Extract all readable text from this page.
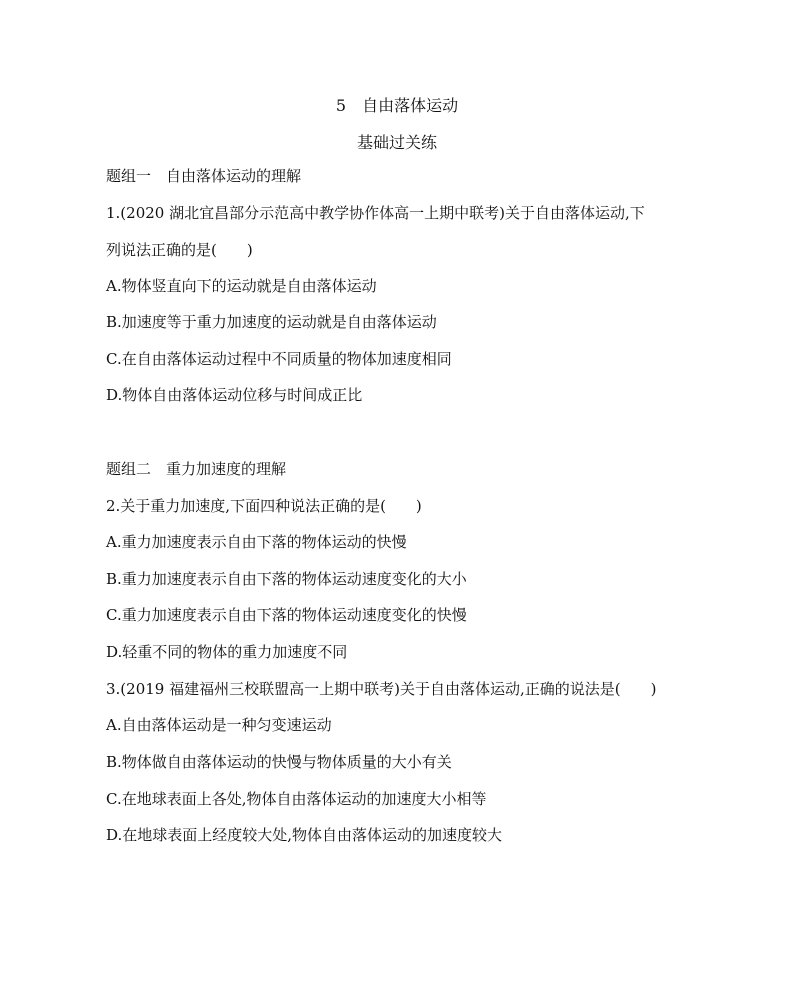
5　自由落体运动
基础过关练
题组一　自由落体运动的理解
1.(2020 湖北宜昌部分示范高中教学协作体高一上期中联考)关于自由落体运动,下
列说法正确的是(　　)
A.物体竖直向下的运动就是自由落体运动
B.加速度等于重力加速度的运动就是自由落体运动
C.在自由落体运动过程中不同质量的物体加速度相同
D.物体自由落体运动位移与时间成正比
题组二　重力加速度的理解
2.关于重力加速度,下面四种说法正确的是(　　)
A.重力加速度表示自由下落的物体运动的快慢
B.重力加速度表示自由下落的物体运动速度变化的大小
C.重力加速度表示自由下落的物体运动速度变化的快慢
D.轻重不同的物体的重力加速度不同
3.(2019 福建福州三校联盟高一上期中联考)关于自由落体运动,正确的说法是(　　)
A.自由落体运动是一种匀变速运动
B.物体做自由落体运动的快慢与物体质量的大小有关
C.在地球表面上各处,物体自由落体运动的加速度大小相等
D.在地球表面上经度较大处,物体自由落体运动的加速度较大
